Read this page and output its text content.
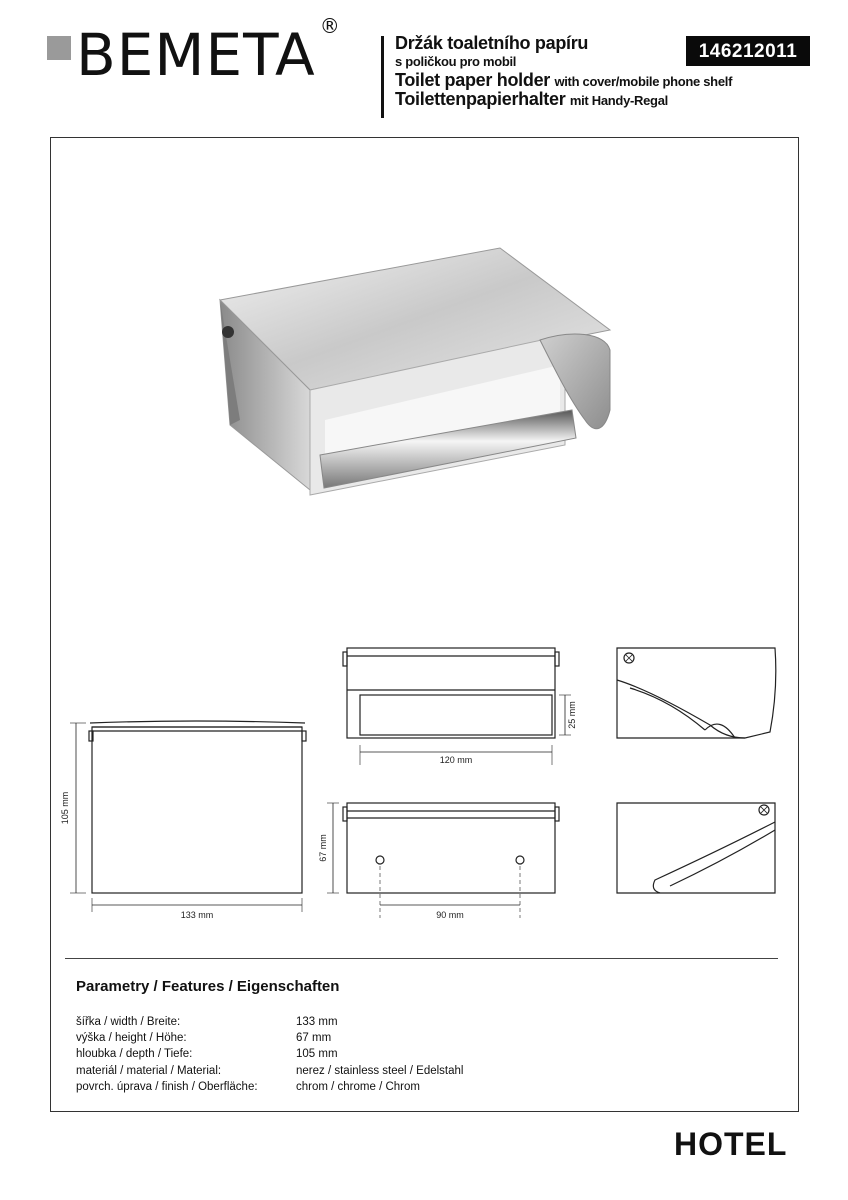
BEMETA ®
Držák toaletního papíru
s poličkou pro mobil
Toilet paper holder with cover/mobile phone shelf
Toilettenpapierhalter mit Handy-Regal
146212011
105 mm
133 mm
120 mm
25 mm
67 mm
90 mm
Parametry / Features / Eigenschaften
šířka / width / Breite:
výška / height / Höhe:
hloubka / depth / Tiefe:
materiál / material / Material:
povrch. úprava / finish / Oberfläche:
133 mm
67 mm
105 mm
nerez / stainless steel / Edelstahl
chrom / chrome / Chrom
HOTEL
